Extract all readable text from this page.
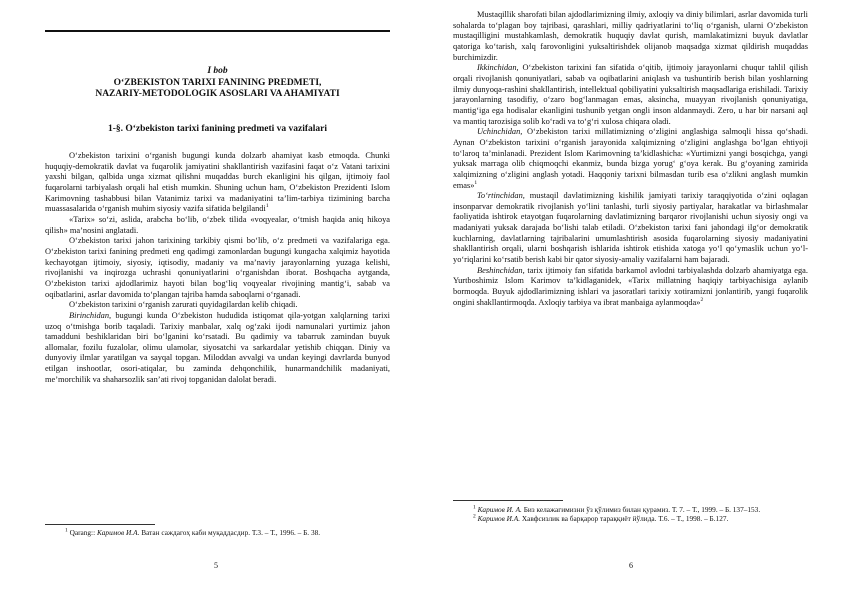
I bob
O‘ZBEKISTON TARIXI FANINING PREDMETI,
NAZARIY-METODOLOGIK ASOSLARI VA AHAMIYATI
1-§. O‘zbekiston tarixi fanining predmeti va vazifalari

O‘zbekiston tarixini o‘rganish bugungi kunda dolzarb ahamiyat kasb etmoqda. Chunki huquqiy-demokratik davlat va fuqarolik jamiyatini shakllantirish vazifasini faqat o‘z Vatani tarixini yaxshi bilgan, qalbida unga xizmat qilishni muqaddas burch ekanligini his qilgan, ijtimoiy faol fuqarolarni tarbiyalash orqali hal etish mumkin. Shuning uchun ham, O‘zbekiston Prezidenti Islom Karimovning tashabbusi bilan Vatanimiz tarixi va madaniyatini ta’lim-tarbiya tizimining barcha muassasalarida o‘rganish muhim siyosiy vazifa sifatida belgilandi$^1$

«Tarix» so‘zi, aslida, arabcha bo‘lib, o‘zbek tilida «voqyealar, o‘tmish haqida aniq hikoya qilish» ma’nosini anglatadi.

O‘zbekiston tarixi jahon tarixining tarkibiy qismi bo‘lib, o‘z predmeti va vazifalariga ega. O‘zbekiston tarixi fanining predmeti eng qadimgi zamonlardan bugungi kungacha xalqimiz hayotida kechayotgan ijtimoiy, siyosiy, iqtisodiy, madaniy va ma’naviy jarayonlarning yuzaga kelishi, rivojlanishi va inqirozga uchrashi qonuniyatlarini o‘rganishdan iborat. Boshqacha aytganda, O‘zbekiston tarixi ajdodlarimiz hayoti bilan bog‘liq voqyealar rivojining mantig‘i, sabab va oqibatlarini, asrlar davomida to‘plangan tajriba hamda saboqlarni o‘rganadi.

O‘zbekiston tarixini o‘rganish zarurati quyidagilardan kelib chiqadi.

Birinchidan, bugungi kunda O‘zbekiston hududida istiqomat qila-yotgan xalqlarning tarixi uzoq o‘tmishga borib taqaladi. Tarixiy manbalar, xalq og‘zaki ijodi namunalari yurtimiz jahon tamadduni beshiklaridan biri bo‘lganini ko‘rsatadi. Bu qadimiy va tabarruk zamindan buyuk allomalar, fozilu fuzalolar, olimu ulamolar, siyosatchi va sarkardalar yetishib chiqqan. Diniy va dunyoviy ilmlar yaratilgan va sayqal topgan. Miloddan avvalgi va undan keyingi davrlarda bunyod etilgan inshootlar, osori-atiqalar, bu zaminda dehqonchilik, hunarmandchilik madaniyati, me’morchilik va shaharsozlik san’ati rivoj topganidan dalolat beradi.

$^1$ Qarang:: Каримов И.А. Ватан саждагоҳ каби муқаддасдир. Т.3. – Т., 1996. – Б. 38.

5

Mustaqillik sharofati bilan ajdodlarimizning ilmiy, axloqiy va diniy bilimlari, asrlar davomida turli sohalarda to‘plagan boy tajribasi, qarashlari, milliy qadriyatlarini to‘liq o‘rganish, ularni O‘zbekiston mustaqilligini mustahkamlash, demokratik huquqiy davlat qurish, mamlakatimizni buyuk davlatlar qatoriga ko‘tarish, xalq farovonligini yuksaltirishdek olijanob maqsadga xizmat qildirish muqaddas burchimizdir.

Ikkinchidan, O‘zbekiston tarixini fan sifatida o‘qitib, ijtimoiy jarayonlarni chuqur tahlil qilish orqali rivojlanish qonuniyatlari, sabab va oqibatlarini aniqlash va tushuntirib berish bilan yoshlarning ilmiy dunyoqa-rashini shakllantirish, intellektual qobiliyatini yuksaltirish maqsadlariga erishiladi. Tarixiy jarayonlarning tasodifiy, o‘zaro bog‘lanmagan emas, aksincha, muayyan rivojlanish qonuniyatiga, mantig‘iga ega hodisalar ekanligini tushunib yetgan ongli inson aldanmaydi. Zero, u har bir narsani aql va mantiq tarozisiga solib ko‘radi va to‘g‘ri xulosa chiqara oladi.

Uchinchidan, O‘zbekiston tarixi millatimizning o‘zligini anglashiga salmoqli hissa qo‘shadi. Aynan O‘zbekiston tarixini o‘rganish jarayonida xalqimizning o‘zligini anglashga bo‘lgan ehtiyoji to‘laroq ta’minlanadi. Prezident Islom Karimovning ta’kidlashicha: «Yurtimizni yangi bosqichga, yangi yuksak marraga olib chiqmoqchi ekanmiz, bunda bizga yorug‘ g‘oya kerak. Bu g‘oyaning zamirida xalqimizning o‘zligini anglash yotadi. Haqqoniy tarixni bilmasdan turib esa o‘zlikni anglash mumkin emas»$^1$

To‘rtinchidan, mustaqil davlatimizning kishilik jamiyati tarixiy taraqqiyotida o‘zini oqlagan insonparvar demokratik rivojlanish yo‘lini tanlashi, turli siyosiy partiyalar, harakatlar va birlashmalar faoliyatida ishtirok etayotgan fuqarolarning davlatimizning barqaror rivojlanishi uchun siyosiy ongi va madaniyati yuksak darajada bo‘lishi talab etiladi. O‘zbekiston tarixi fani jahondagi ilg‘or demokratik kuchlarning, davlatlarning tajribalarini umumlashtirish asosida fuqarolarning siyosiy madaniyatini shakllantirish orqali, ularni boshqarish ishlarida ishtirok etishida xatoga yo‘l qo‘ymaslik uchun yo‘l-yo‘riqlarini ko‘rsatib berish kabi bir qator siyosiy-amaliy vazifalarni ham bajaradi.

Beshinchidan, tarix ijtimoiy fan sifatida barkamol avlodni tarbiyalashda dolzarb ahamiyatga ega. Yurtboshimiz Islom Karimov ta’kidlaganidek, «Tarix millatning haqiqiy tarbiyachisiga aylanib bormoqda. Buyuk ajdodlarimizning ishlari va jasoratlari tarixiy xotiramizni jonlantirib, yangi fuqarolik ongini shakllantirmoqda. Axloqiy tarbiya va ibrat manbaiga aylanmoqda»$^2$

$^1$ Каримов И. А. Биз келажагимизни ўз қўлимиз билан қурамиз. Т. 7. – Т., 1999. – Б. 137–153.

$^2$ Каримов И.А. Хавфсизлик ва барқарор тараққиёт йўлида. Т.6. – Т., 1998. – Б.127.

6
